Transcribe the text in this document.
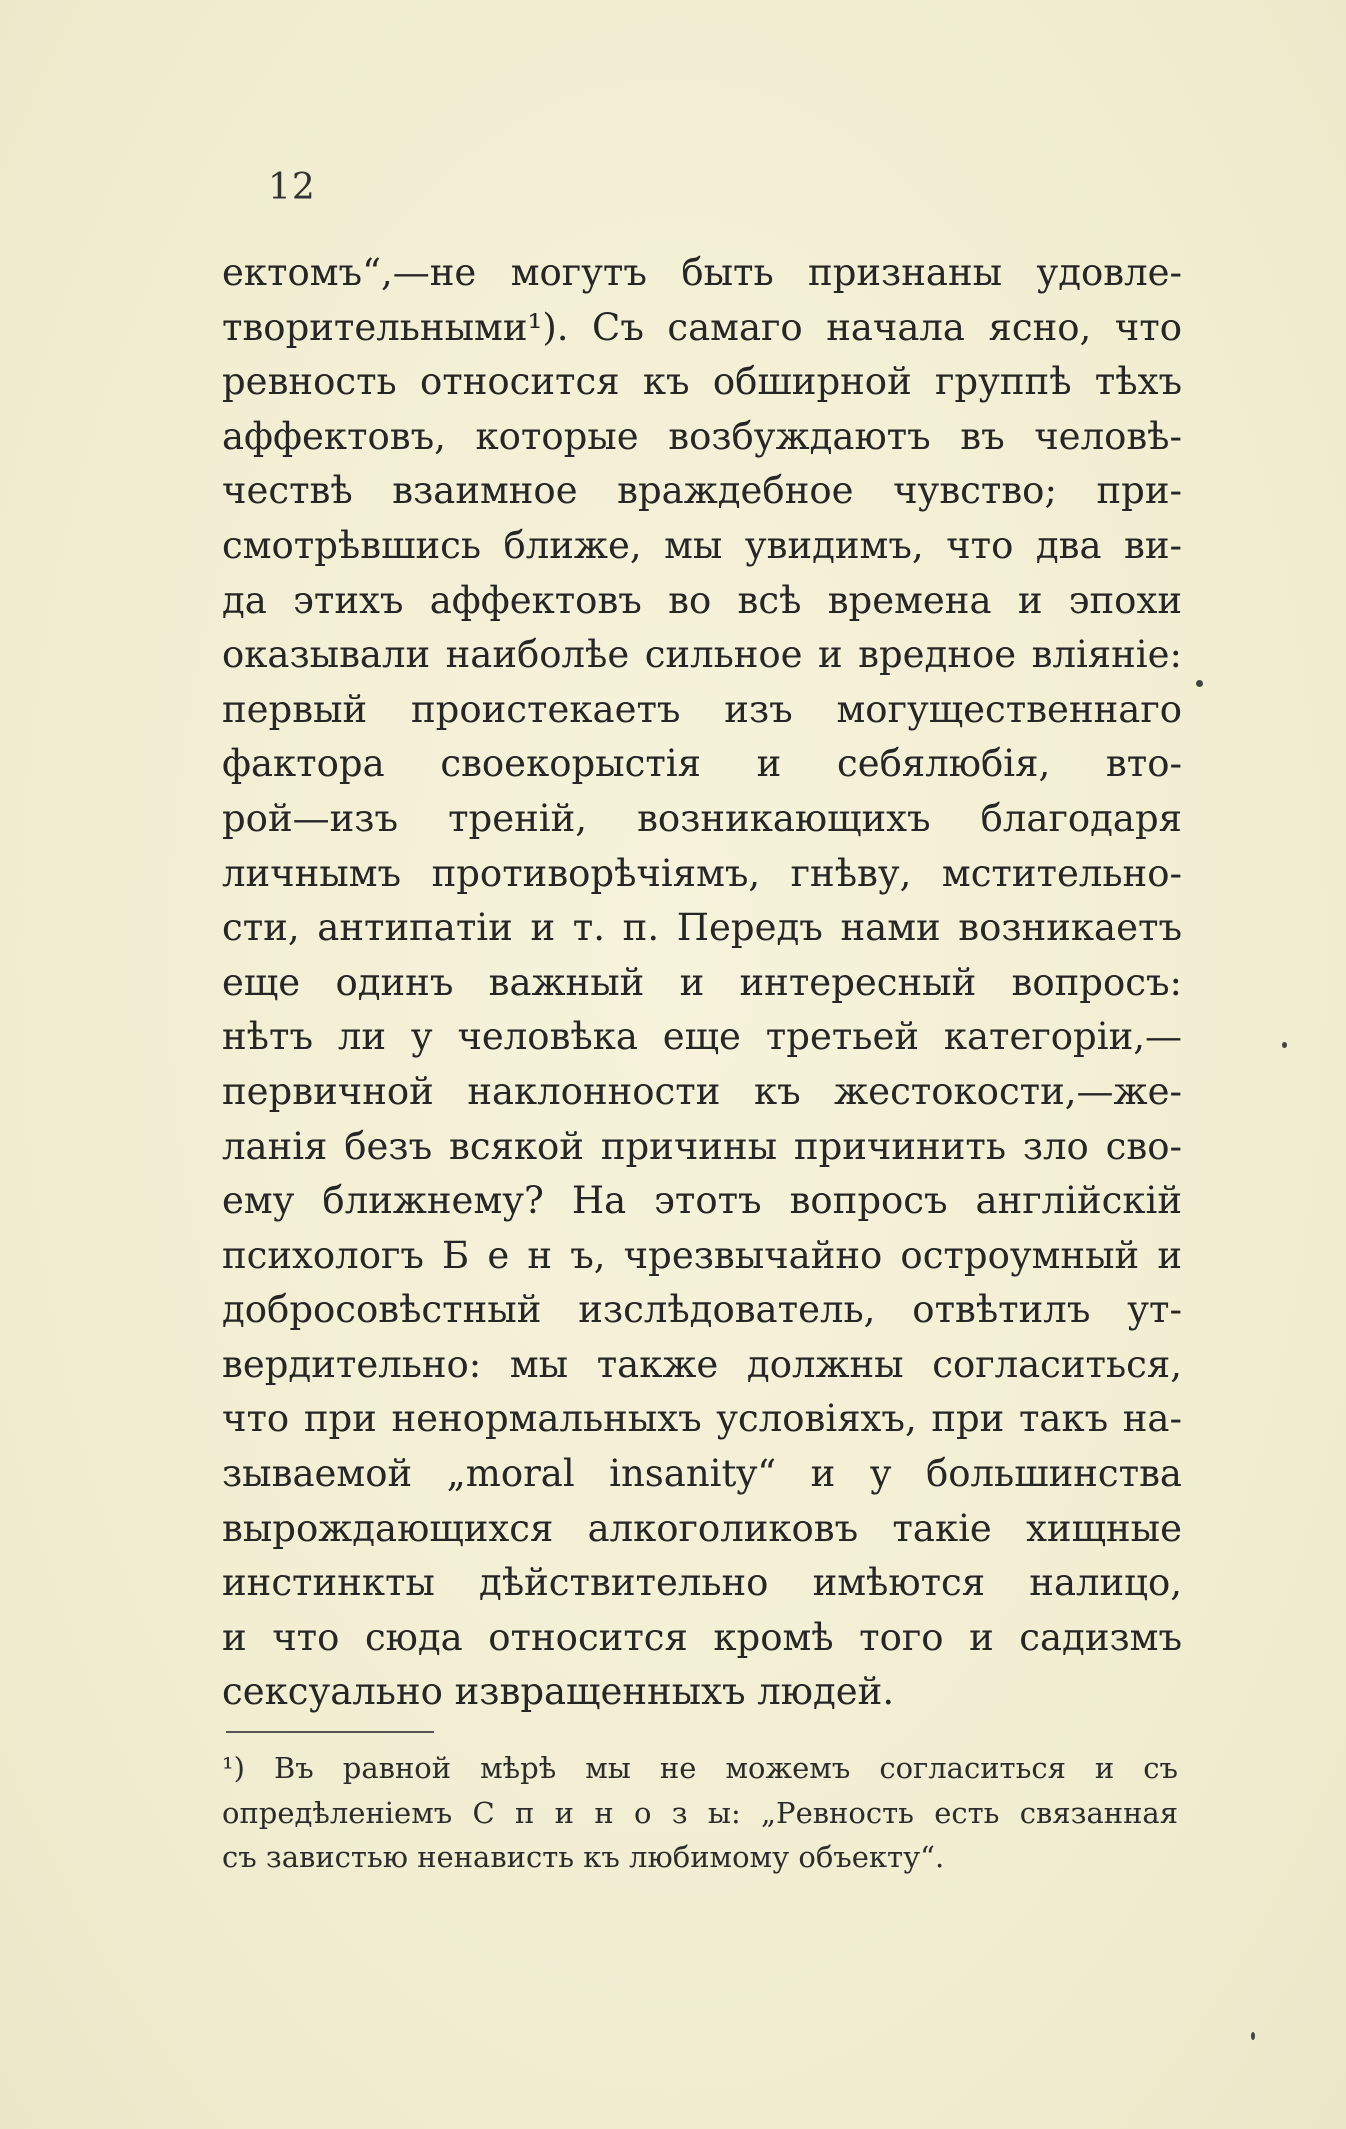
12
ектомъ“,—не могутъ быть признаны удовле-
творительными¹). Съ самаго начала ясно, что
ревность относится къ обширной группѣ тѣхъ
аффектовъ, которые возбуждаютъ въ человѣ-
чествѣ взаимное враждебное чувство; при-
смотрѣвшись ближе, мы увидимъ, что два ви-
да этихъ аффектовъ во всѣ времена и эпохи
оказывали наиболѣе сильное и вредное вліяніе:
первый проистекаетъ изъ могущественнаго
фактора своекорыстія и себялюбія, вто-
рой—изъ треній, возникающихъ благодаря
личнымъ противорѣчіямъ, гнѣву, мстительно-
сти, антипатіи и т. п. Передъ нами возникаетъ
еще одинъ важный и интересный вопросъ:
нѣтъ ли у человѣка еще третьей категоріи,—
первичной наклонности къ жестокости,—же-
ланія безъ всякой причины причинить зло сво-
ему ближнему? На этотъ вопросъ англійскій
психологъ Б е н ъ, чрезвычайно остроумный и
добросовѣстный изслѣдователь, отвѣтилъ ут-
вердительно: мы также должны согласиться,
что при ненормальныхъ условіяхъ, при такъ на-
зываемой „moral insanity“ и у большинства
вырождающихся алкоголиковъ такіе хищные
инстинкты дѣйствительно имѣются налицо,
и что сюда относится кромѣ того и садизмъ
сексуально извращенныхъ людей.
¹) Въ равной мѣрѣ мы не можемъ согласиться и съ
опредѣленіемъ С п и н о з ы: „Ревность есть связанная
съ завистью ненависть къ любимому объекту“.
